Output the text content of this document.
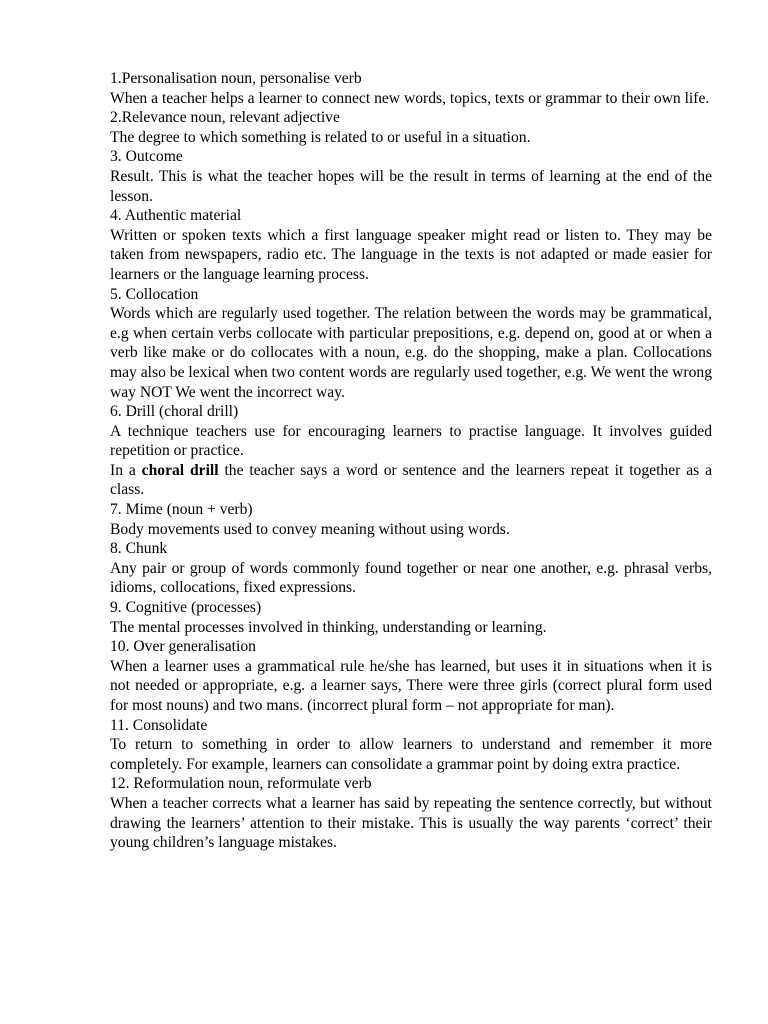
1.Personalisation noun, personalise verb

When a teacher helps a learner to connect new words, topics, texts or grammar to their own life.

2.Relevance noun, relevant adjective

The degree to which something is related to or useful in a situation.

3. Outcome

Result. This is what the teacher hopes will be the result in terms of learning at the end of the lesson.

4. Authentic material

Written or spoken texts which a first language speaker might read or listen to. They may be taken from newspapers, radio etc. The language in the texts is not adapted or made easier for learners or the language learning process.

5. Collocation

Words which are regularly used together. The relation between the words may be grammatical, e.g when certain verbs collocate with particular prepositions, e.g. depend on, good at or when a verb like make or do collocates with a noun, e.g. do the shopping, make a plan. Collocations may also be lexical when two content words are regularly used together, e.g. We went the wrong way NOT We went the incorrect way.

6. Drill (choral drill)

A technique teachers use for encouraging learners to practise language. It involves guided repetition or practice.

In a choral drill the teacher says a word or sentence and the learners repeat it together as a class.

7. Mime (noun + verb)

Body movements used to convey meaning without using words.

8. Chunk

Any pair or group of words commonly found together or near one another, e.g. phrasal verbs, idioms, collocations, fixed expressions.

9. Cognitive (processes)

The mental processes involved in thinking, understanding or learning.

10. Over generalisation

When a learner uses a grammatical rule he/she has learned, but uses it in situations when it is not needed or appropriate, e.g. a learner says, There were three girls (correct plural form used for most nouns) and two mans. (incorrect plural form – not appropriate for man).

11. Consolidate

To return to something in order to allow learners to understand and remember it more completely. For example, learners can consolidate a grammar point by doing extra practice.

12. Reformulation noun, reformulate verb

When a teacher corrects what a learner has said by repeating the sentence correctly, but without drawing the learners’ attention to their mistake. This is usually the way parents ‘correct’ their young children’s language mistakes.
